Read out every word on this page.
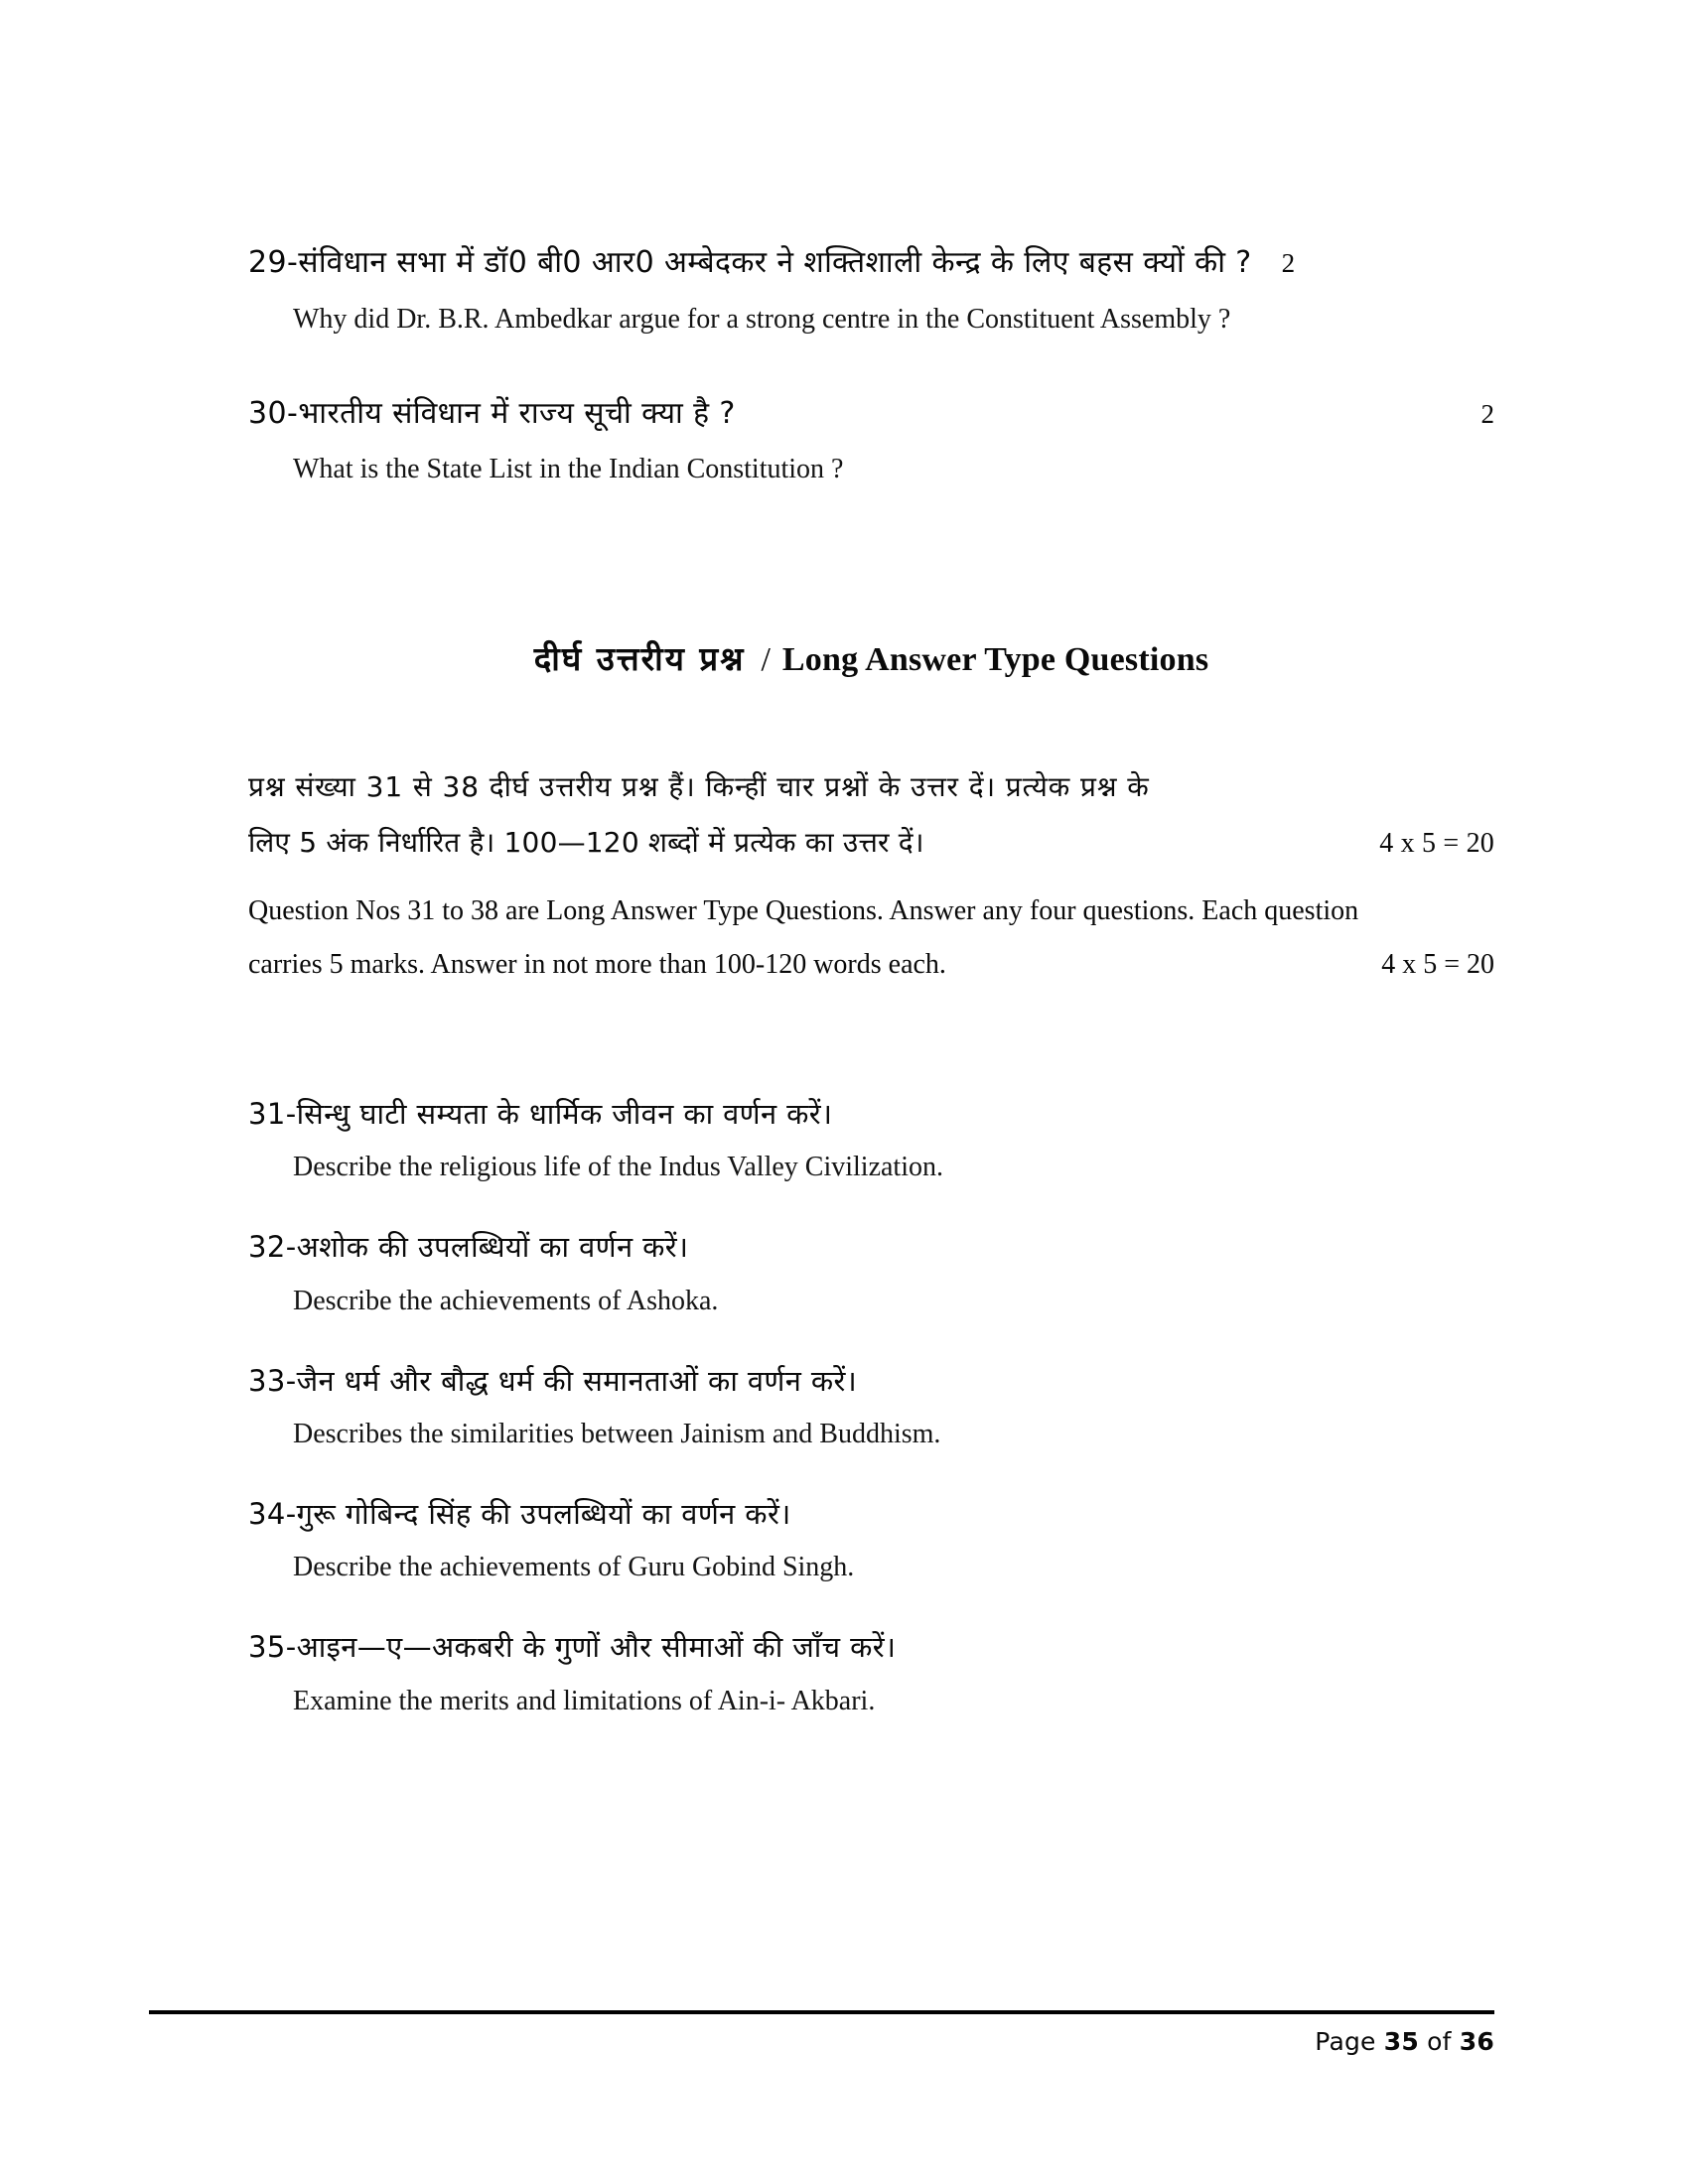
29-संविधान सभा में डॉ0 बी0 आर0 अम्बेदकर ने शक्तिशाली केन्द्र के लिए बहस क्यों की ? 2
Why did Dr. B.R. Ambedkar argue for a strong centre in the Constituent Assembly ?
30-भारतीय संविधान में राज्य सूची क्या है ?	2
What is the State List in the Indian Constitution ?
दीर्घ उत्तरीय प्रश्न / Long Answer Type Questions
प्रश्न संख्या 31 से 38 दीर्घ उत्तरीय प्रश्न हैं। किन्हीं चार प्रश्नों के उत्तर दें। प्रत्येक प्रश्न के
लिए 5 अंक निर्धारित है। 100—120 शब्दों में प्रत्येक का उत्तर दें।	4 x 5 = 20
Question Nos 31 to 38 are Long Answer Type Questions. Answer any four questions. Each question
carries 5 marks. Answer in not more than 100-120 words each.	4 x 5 = 20
31-सिन्धु घाटी सम्यता के धार्मिक जीवन का वर्णन करें।
Describe the religious life of the Indus Valley Civilization.
32-अशोक की उपलब्धियों का वर्णन करें।
Describe the achievements of Ashoka.
33-जैन धर्म और बौद्ध धर्म की समानताओं का वर्णन करें।
Describes the similarities between Jainism and Buddhism.
34-गुरू गोबिन्द सिंह की उपलब्धियों का वर्णन करें।
Describe the achievements of Guru Gobind Singh.
35-आइन—ए—अकबरी के गुणों और सीमाओं की जाँच करें।
Examine the merits and limitations of Ain-i- Akbari.
Page 35 of 36
